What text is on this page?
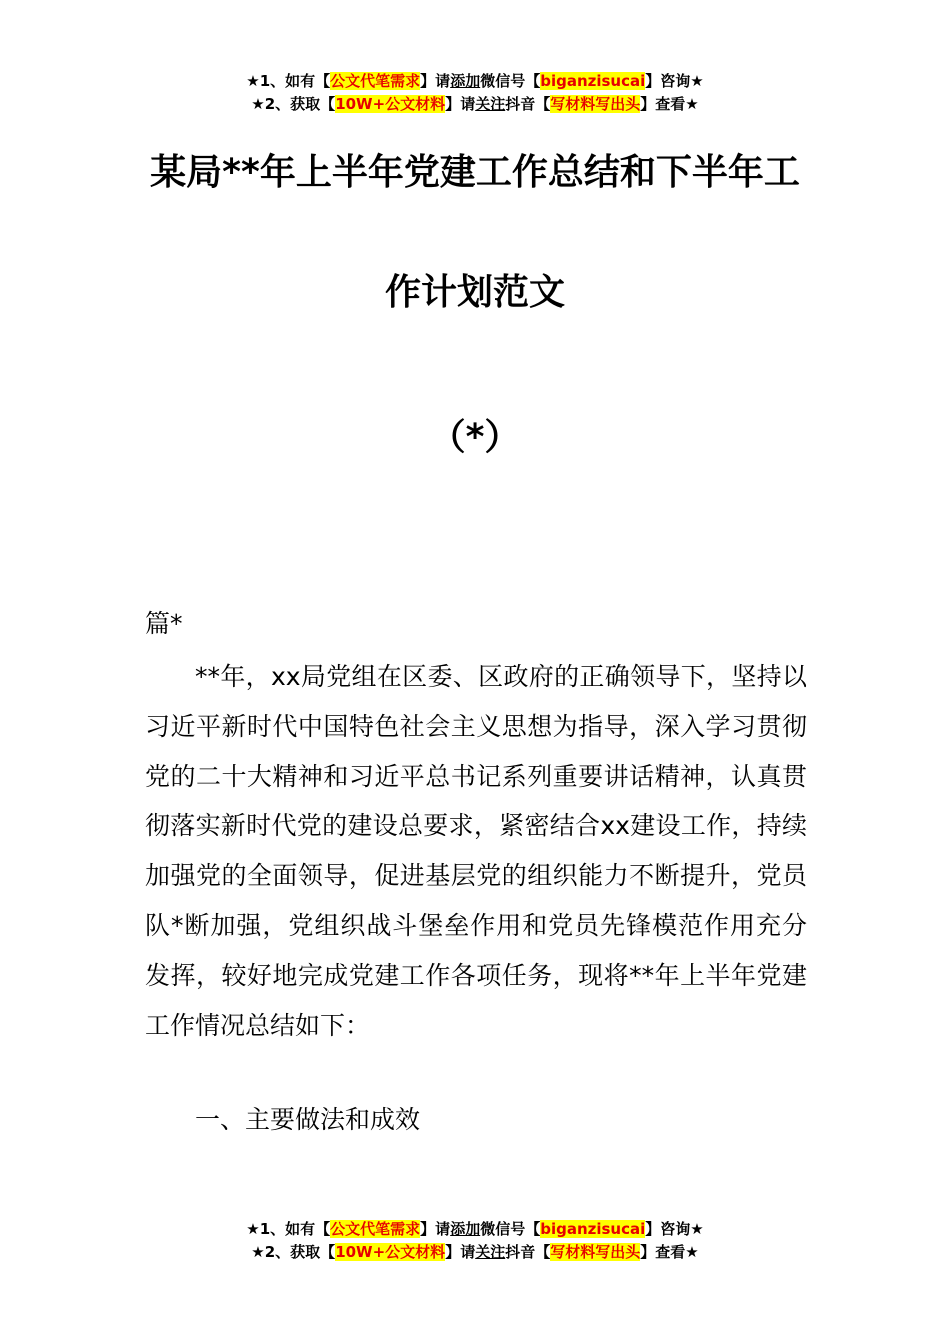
★1、如有【公文代笔需求】请添加微信号【biganzisucai】咨询★
★2、获取【10W+公文材料】请关注抖音【写材料写出头】查看★
某局**年上半年党建工作总结和下半年工
作计划范文
（*）

篇*

**年，xx局党组在区委、区政府的正确领导下，坚持以习近平新时代中国特色社会主义思想为指导，深入学习贯彻党的二十大精神和习近平总书记系列重要讲话精神，认真贯彻落实新时代党的建设总要求，紧密结合xx建设工作，持续加强党的全面领导，促进基层党的组织能力不断提升，党员队*断加强，党组织战斗堡垒作用和党员先锋模范作用充分发挥，较好地完成党建工作各项任务，现将**年上半年党建工作情况总结如下：

一、主要做法和成效

★1、如有【公文代笔需求】请添加微信号【biganzisucai】咨询★
★2、获取【10W+公文材料】请关注抖音【写材料写出头】查看★
